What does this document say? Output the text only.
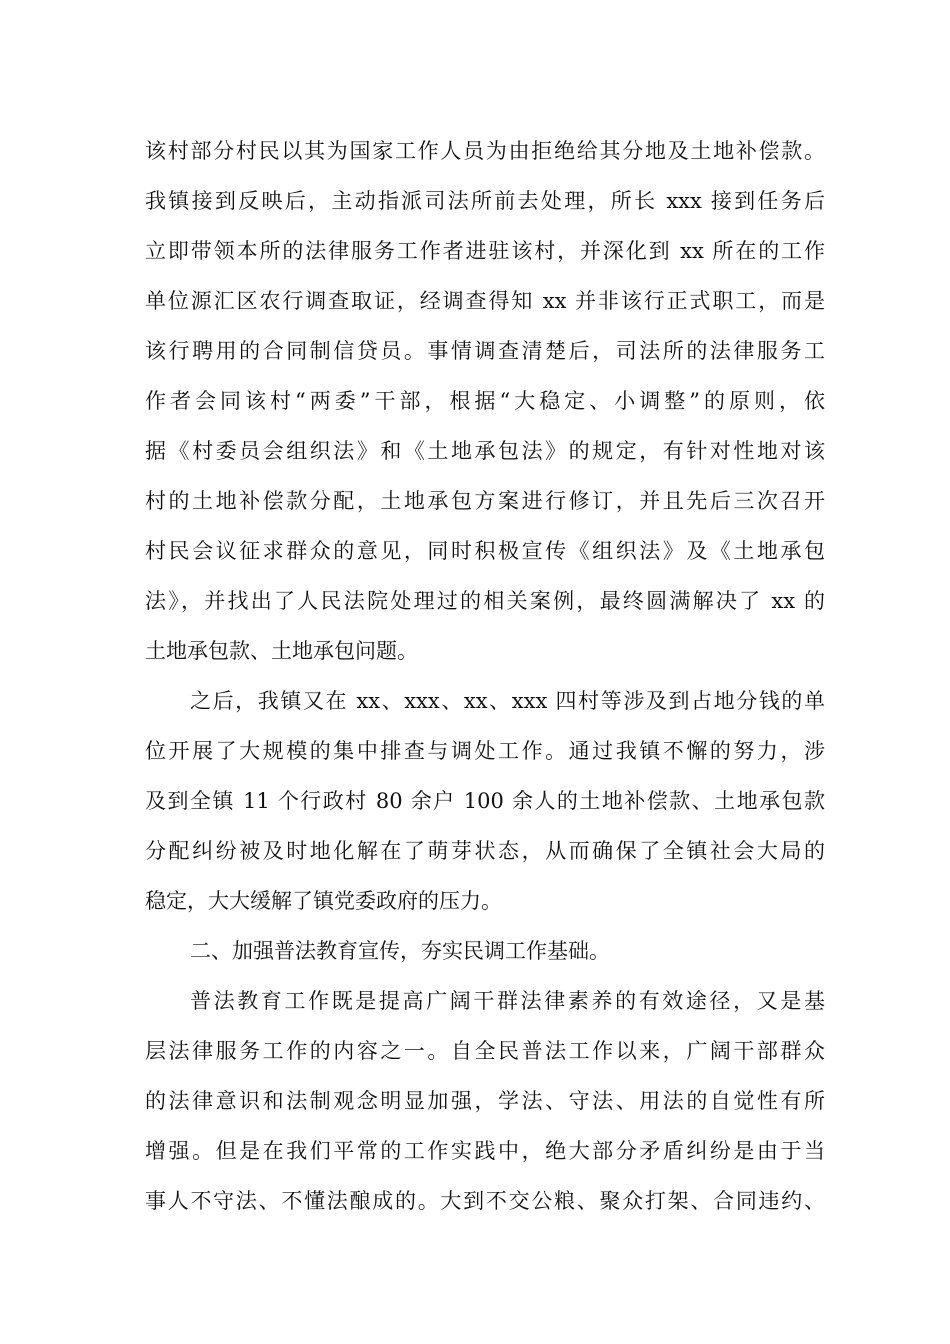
该村部分村民以其为国家工作人员为由拒绝给其分地及土地补偿款。
我镇接到反映后，主动指派司法所前去处理，所长 xxx 接到任务后
立即带领本所的法律服务工作者进驻该村，并深化到 xx 所在的工作
单位源汇区农行调查取证，经调查得知 xx 并非该行正式职工，而是
该行聘用的合同制信贷员。事情调查清楚后，司法所的法律服务工
作者会同该村“两委”干部，根据“大稳定、小调整”的原则，依
据《村委员会组织法》和《土地承包法》的规定，有针对性地对该
村的土地补偿款分配，土地承包方案进行修订，并且先后三次召开
村民会议征求群众的意见，同时积极宣传《组织法》及《土地承包
法》，并找出了人民法院处理过的相关案例，最终圆满解决了 xx 的
土地承包款、土地承包问题。
之后，我镇又在 xx、xxx、xx、xxx 四村等涉及到占地分钱的单
位开展了大规模的集中排查与调处工作。通过我镇不懈的努力，涉
及到全镇 11 个行政村 80 余户 100 余人的土地补偿款、土地承包款
分配纠纷被及时地化解在了萌芽状态，从而确保了全镇社会大局的
稳定，大大缓解了镇党委政府的压力。
二、加强普法教育宣传，夯实民调工作基础。
普法教育工作既是提高广阔干群法律素养的有效途径，又是基
层法律服务工作的内容之一。自全民普法工作以来，广阔干部群众
的法律意识和法制观念明显加强，学法、守法、用法的自觉性有所
增强。但是在我们平常的工作实践中，绝大部分矛盾纠纷是由于当
事人不守法、不懂法酿成的。大到不交公粮、聚众打架、合同违约、
